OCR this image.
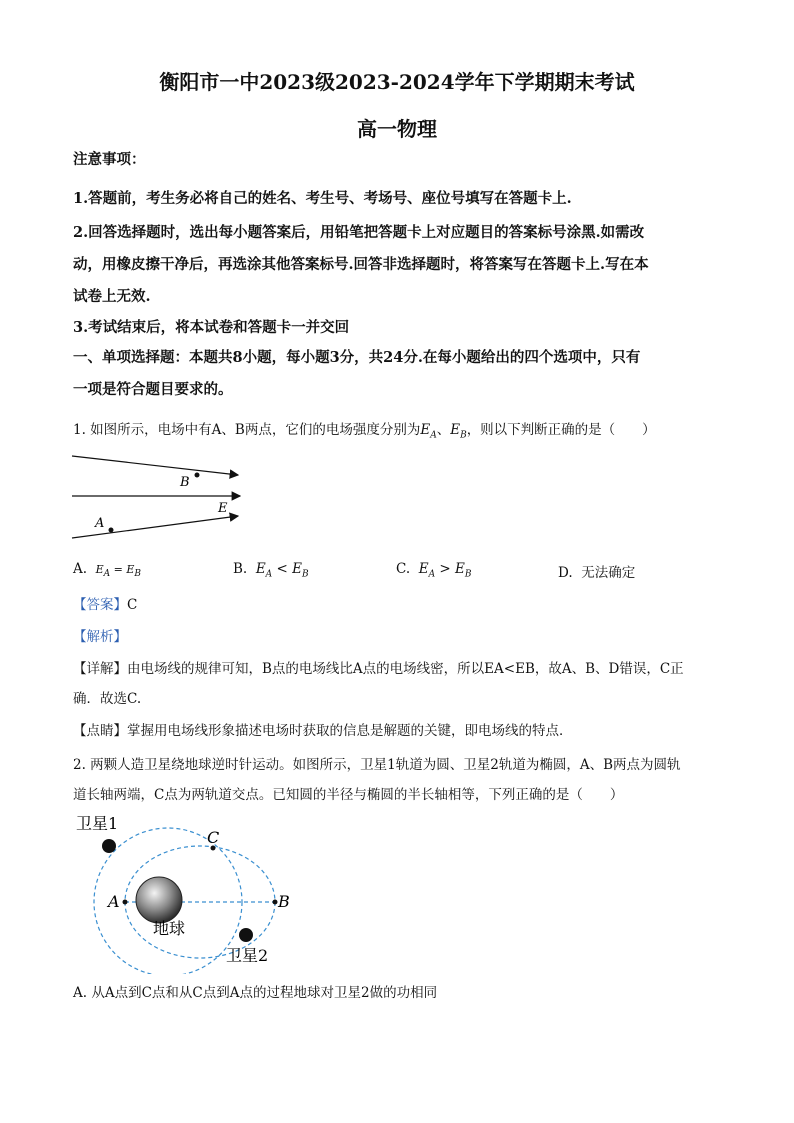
衡阳市一中2023级2023-2024学年下学期期末考试
高一物理
注意事项：
1.答题前，考生务必将自己的姓名、考生号、考场号、座位号填写在答题卡上.
2.回答选择题时，选出每小题答案后，用铅笔把答题卡上对应题目的答案标号涂黑.如需改
动，用橡皮擦干净后，再选涂其他答案标号.回答非选择题时，将答案写在答题卡上.写在本
试卷上无效.
3.考试结束后，将本试卷和答题卡一并交回
一、单项选择题：本题共8小题，每小题3分，共24分.在每小题给出的四个选项中，只有
一项是符合题目要求的。
1. 如图所示，电场中有A、B两点，它们的电场强度分别为$E_A$、$E_B$，则以下判断正确的是（　　）
B
E
A
A. $E_A = E_B$	B. $E_A < E_B$	C. $E_A > E_B$	D. 无法确定
【答案】C
【解析】
【详解】由电场线的规律可知，B点的电场线比A点的电场线密，所以EA<EB，故A、B、D错误，C正
确．故选C.
【点睛】掌握用电场线形象描述电场时获取的信息是解题的关键，即电场线的特点．
2. 两颗人造卫星绕地球逆时针运动。如图所示，卫星1轨道为圆、卫星2轨道为椭圆，A、B两点为圆轨
道长轴两端，C点为两轨道交点。已知圆的半径与椭圆的半长轴相等，下列正确的是（　　）
卫星1
卫星2
地球
A	B
C
A. 从A点到C点和从C点到A点的过程地球对卫星2做的功相同
